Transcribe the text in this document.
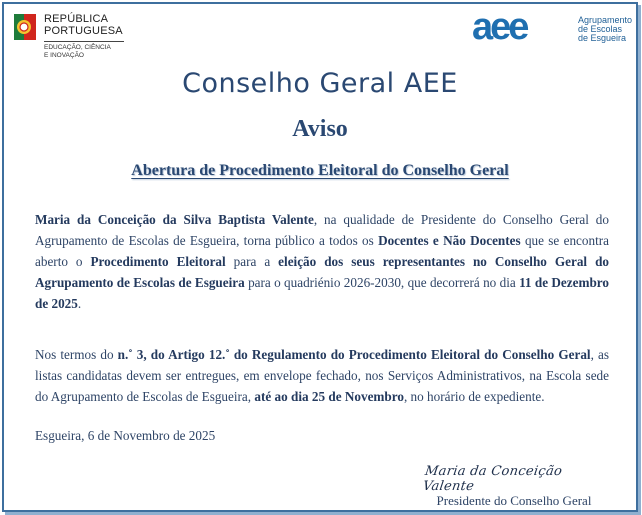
REPÚBLICA
PORTUGUESA
EDUCAÇÃO, CIÊNCIA
E INOVAÇÃO
aee	Agrupamento
de Escolas
de Esgueira
Conselho Geral AEE
Aviso
Abertura de Procedimento Eleitoral do Conselho Geral
Maria da Conceição da Silva Baptista Valente, na qualidade de Presidente do Conselho Geral do Agrupamento de Escolas de Esgueira, torna público a todos os Docentes e Não Docentes que se encontra aberto o Procedimento Eleitoral para a eleição dos seus representantes no Conselho Geral do Agrupamento de Escolas de Esgueira para o quadriénio 2026-2030, que decorrerá no dia 11 de Dezembro de 2025.
Nos termos do n.˚ 3, do Artigo 12.˚ do Regulamento do Procedimento Eleitoral do Conselho Geral, as listas candidatas devem ser entregues, em envelope fechado, nos Serviços Administrativos, na Escola sede do Agrupamento de Escolas de Esgueira, até ao dia 25 de Novembro, no horário de expediente.
Esgueira, 6 de Novembro de 2025
Maria da Conceição Valente
Presidente do Conselho Geral
